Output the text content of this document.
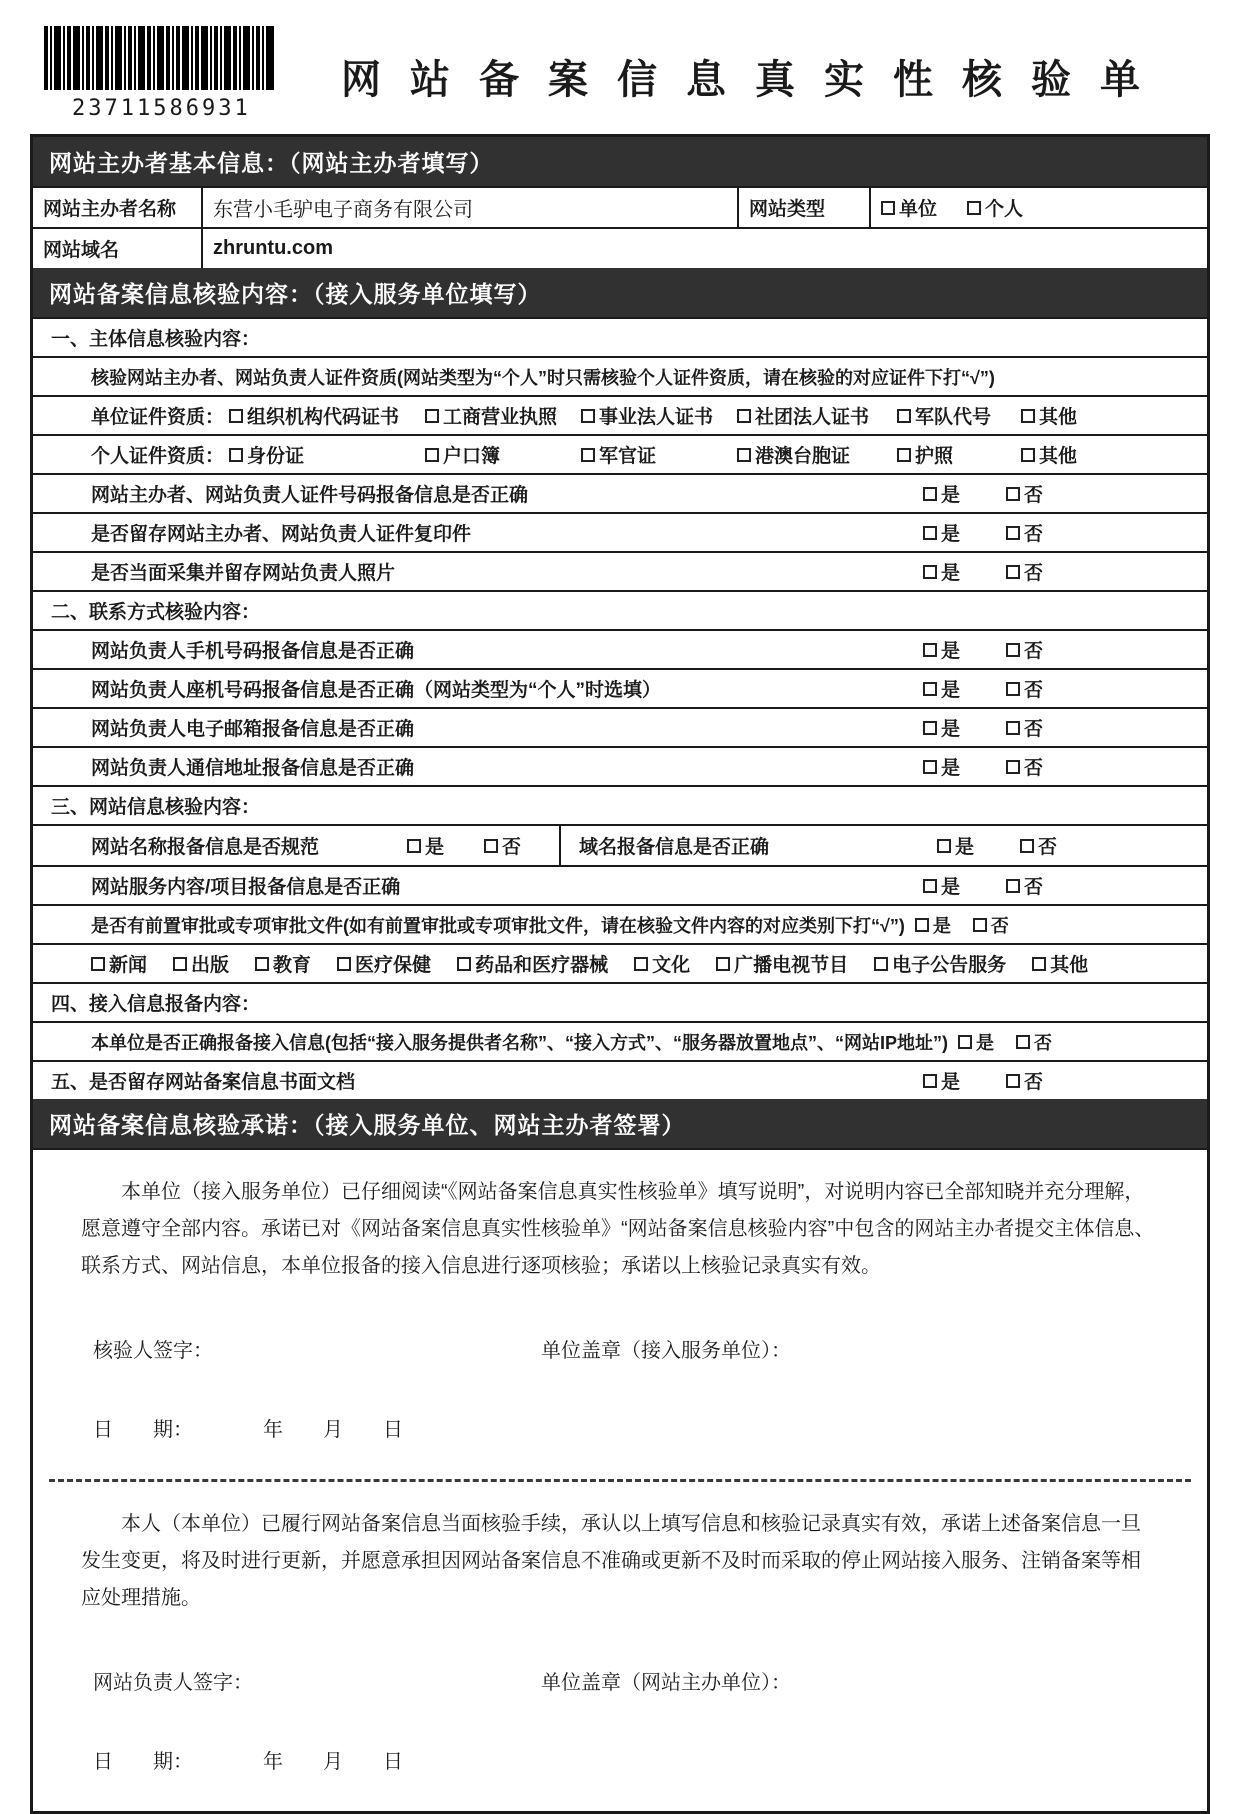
23711586931
网站备案信息真实性核验单
网站主办者基本信息：（网站主办者填写）
网站主办者名称	东营小毛驴电子商务有限公司	网站类型	单位	个人
网站域名	zhruntu.com
网站备案信息核验内容：（接入服务单位填写）
一、主体信息核验内容：
核验网站主办者、网站负责人证件资质(网站类型为“个人”时只需核验个人证件资质，请在核验的对应证件下打“√”)
单位证件资质： 组织机构代码证书 工商营业执照 事业法人证书 社团法人证书 军队代号	其他
个人证件资质： 身份证	户口簿	军官证	港澳台胞证	护照	其他
网站主办者、网站负责人证件号码报备信息是否正确	是	否
是否留存网站主办者、网站负责人证件复印件	是	否
是否当面采集并留存网站负责人照片	是	否
二、联系方式核验内容：
网站负责人手机号码报备信息是否正确	是	否
网站负责人座机号码报备信息是否正确（网站类型为“个人”时选填）	是	否
网站负责人电子邮箱报备信息是否正确	是	否
网站负责人通信地址报备信息是否正确	是	否
三、网站信息核验内容：
网站名称报备信息是否规范	是	否	域名报备信息是否正确	是	否
网站服务内容/项目报备信息是否正确	是	否
是否有前置审批或专项审批文件(如有前置审批或专项审批文件，请在核验文件内容的对应类别下打“√”) 是 否
新闻 出版 教育 医疗保健 药品和医疗器械 文化 广播电视节目 电子公告服务 其他
四、接入信息报备内容：
本单位是否正确报备接入信息(包括“接入服务提供者名称”、“接入方式”、“服务器放置地点”、“网站IP地址”) 是 否
五、是否留存网站备案信息书面文档	是	否
网站备案信息核验承诺：（接入服务单位、网站主办者签署）
本单位（接入服务单位）已仔细阅读“《网站备案信息真实性核验单》填写说明”，对说明内容已全部知晓并充分理解，愿意遵守全部内容。承诺已对《网站备案信息真实性核验单》“网站备案信息核验内容”中包含的网站主办者提交主体信息、联系方式、网站信息，本单位报备的接入信息进行逐项核验；承诺以上核验记录真实有效。
核验人签字：	单位盖章（接入服务单位）：
日　　期：　　　　年　　月　　日
本人（本单位）已履行网站备案信息当面核验手续，承认以上填写信息和核验记录真实有效，承诺上述备案信息一旦发生变更，将及时进行更新，并愿意承担因网站备案信息不准确或更新不及时而采取的停止网站接入服务、注销备案等相应处理措施。
网站负责人签字：	单位盖章（网站主办单位）：
日　　期：　　　　年　　月　　日
